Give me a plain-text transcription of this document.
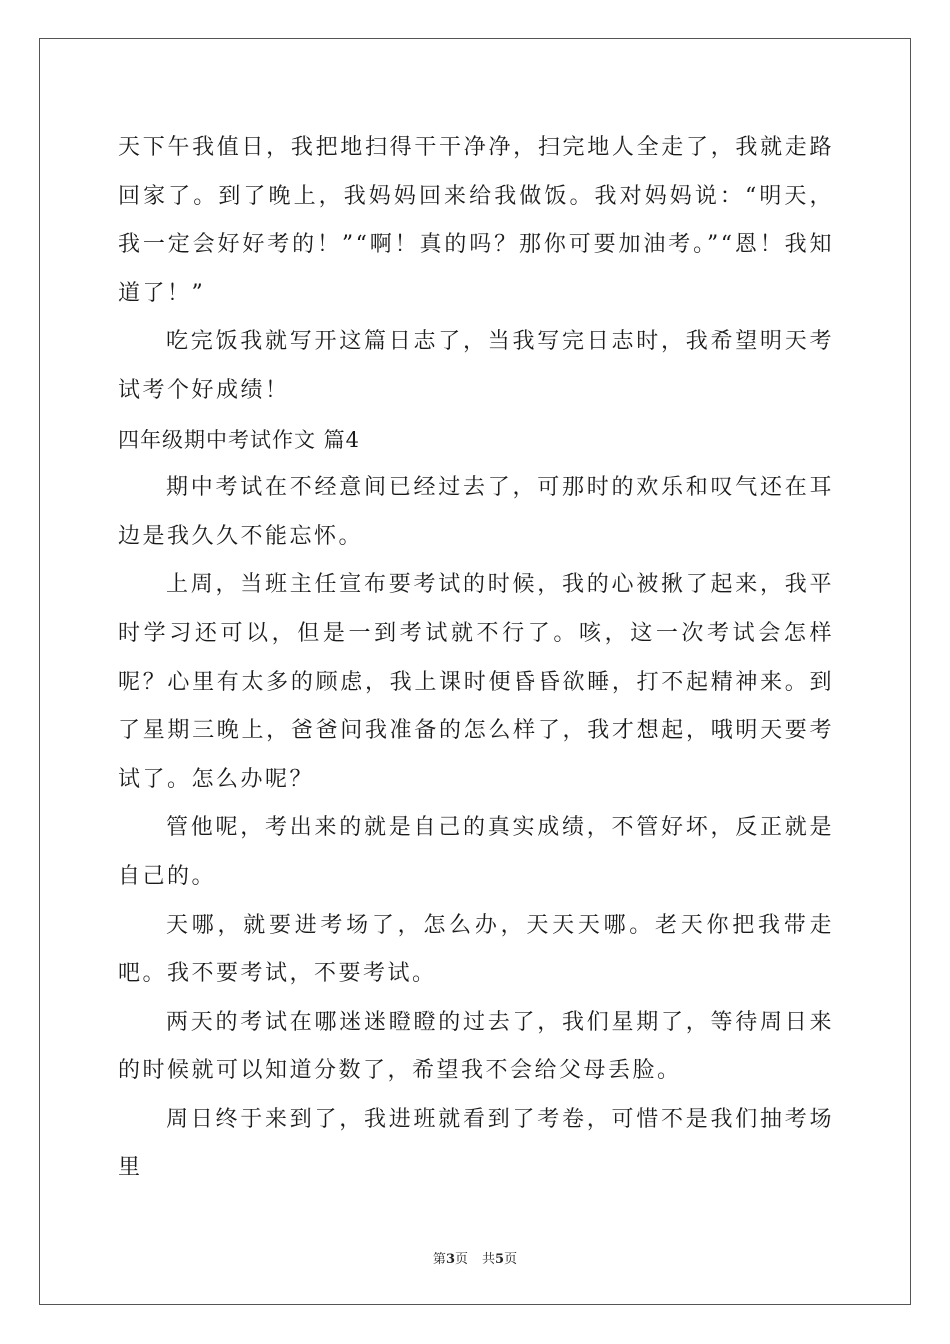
天下午我值日，我把地扫得干干净净，扫完地人全走了，我就走路回家了。到了晚上，我妈妈回来给我做饭。我对妈妈说：“明天，我一定会好好考的！”“啊！真的吗？那你可要加油考。”“恩！我知道了！”

吃完饭我就写开这篇日志了，当我写完日志时，我希望明天考试考个好成绩！

四年级期中考试作文 篇4

期中考试在不经意间已经过去了，可那时的欢乐和叹气还在耳边是我久久不能忘怀。

上周，当班主任宣布要考试的时候，我的心被揪了起来，我平时学习还可以，但是一到考试就不行了。咳，这一次考试会怎样呢？心里有太多的顾虑，我上课时便昏昏欲睡，打不起精神来。到了星期三晚上，爸爸问我准备的怎么样了，我才想起，哦明天要考试了。怎么办呢？

管他呢，考出来的就是自己的真实成绩，不管好坏，反正就是自己的。

天哪，就要进考场了，怎么办，天天天哪。老天你把我带走吧。我不要考试，不要考试。

两天的考试在哪迷迷瞪瞪的过去了，我们星期了，等待周日来的时候就可以知道分数了，希望我不会给父母丢脸。

周日终于来到了，我进班就看到了考卷，可惜不是我们抽考场里

第3页 共5页
